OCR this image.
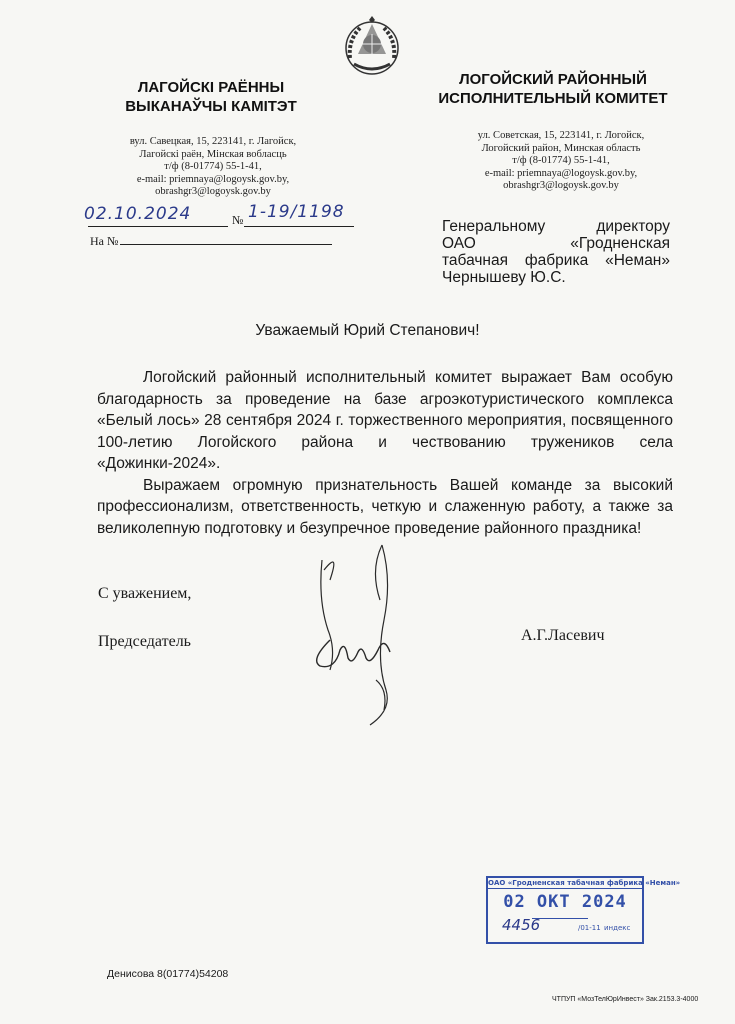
ЛАГОЙСКІ РАЁННЫ
ВЫКАНАЎЧЫ КАМІТЭТ
ЛОГОЙСКИЙ РАЙОННЫЙ
ИСПОЛНИТЕЛЬНЫЙ КОМИТЕТ
вул. Савецкая, 15, 223141, г. Лагойск,
Лагойскі раён, Мінская вобласць
т/ф (8-01774) 55-1-41,
e-mail: priemnaya@logoysk.gov.by,
obrashgr3@logoysk.gov.by
ул. Советская, 15, 223141, г. Логойск,
Логойский район, Минская область
т/ф (8-01774) 55-1-41,
e-mail: priemnaya@logoysk.gov.by,
obrashgr3@logoysk.gov.by
02.10.2024	№ 1-19/1198
На №
Генеральному директору
ОАО «Гродненская
табачная фабрика «Неман»
Чернышеву Ю.С.
Уважаемый Юрий Степанович!

Логойский районный исполнительный комитет выражает Вам особую благодарность за проведение на базе агроэкотуристического комплекса «Белый лось» 28 сентября 2024 г. торжественного мероприятия, посвященного 100-летию Логойского района и чествованию тружеников села «Дожинки-2024».

Выражаем огромную признательность Вашей команде за высокий профессионализм, ответственность, четкую и слаженную работу, а также за великолепную подготовку и безупречное проведение районного праздника!

С уважением,
Председатель	А.Г.Ласевич
ОАО «Гродненская табачная фабрика «Неман»
02 ОКТ 2024
4456	/01-11 индекс
Денисова 8(01774)54208
ЧТПУП «МозТелЮрИнвест» Зак.2153.3-4000
